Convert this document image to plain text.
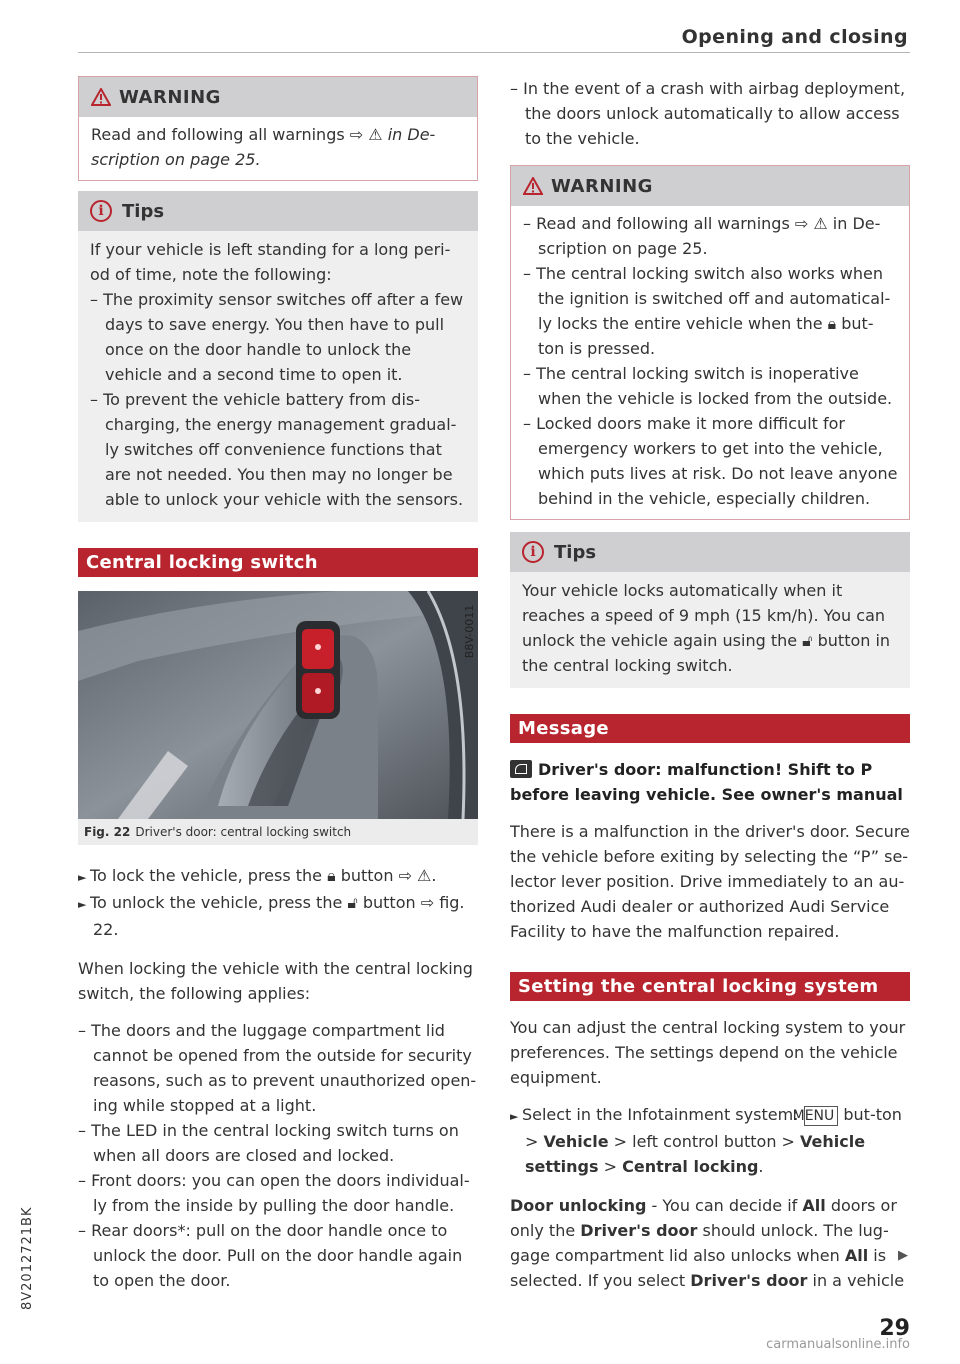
Opening and closing
WARNING
Read and following all warnings ⇨ ⚠ in De-scription on page 25.
i	Tips
If your vehicle is left standing for a long peri-od of time, note the following:
– The proximity sensor switches off after a few days to save energy. You then have to pull once on the door handle to unlock the vehicle and a second time to open it.
– To prevent the vehicle battery from dis-charging, the energy management gradual-ly switches off convenience functions that are not needed. You then may no longer be able to unlock your vehicle with the sensors.
Central locking switch
B8V-0011
Fig. 22 Driver's door: central locking switch
► To lock the vehicle, press the 🔒︎ button ⇨ ⚠.
► To unlock the vehicle, press the 🔓︎ button ⇨ fig. 22.
When locking the vehicle with the central locking switch, the following applies:
– The doors and the luggage compartment lid cannot be opened from the outside for security reasons, such as to prevent unauthorized open-ing while stopped at a light.
– The LED in the central locking switch turns on when all doors are closed and locked.
– Front doors: you can open the doors individual-ly from the inside by pulling the door handle.
– Rear doors*: pull on the door handle once to unlock the door. Pull on the door handle again to open the door.
– In the event of a crash with airbag deployment, the doors unlock automatically to allow access to the vehicle.
WARNING
– Read and following all warnings ⇨ ⚠ in De-scription on page 25.
– The central locking switch also works when the ignition is switched off and automatical-ly locks the entire vehicle when the 🔒︎ but-ton is pressed.
– The central locking switch is inoperative when the vehicle is locked from the outside.
– Locked doors make it more difficult for emergency workers to get into the vehicle, which puts lives at risk. Do not leave anyone behind in the vehicle, especially children.
i	Tips
Your vehicle locks automatically when it reaches a speed of 9 mph (15 km/h). You can unlock the vehicle again using the 🔓︎ button in the central locking switch.
Message
Driver's door: malfunction! Shift to P before leaving vehicle. See owner's manual
There is a malfunction in the driver's door. Secure the vehicle before exiting by selecting the “P” se-lector lever position. Drive immediately to an au-thorized Audi dealer or authorized Audi Service Facility to have the malfunction repaired.
Setting the central locking system
You can adjust the central locking system to your preferences. The settings depend on the vehicle equipment.
► Select in the Infotainment system: MENU but-ton > Vehicle > left control button > Vehicle settings > Central locking.
Door unlocking - You can decide if All doors or only the Driver's door should unlock. The lug-gage compartment lid also unlocks when All is selected. If you select Driver's door in a vehicle
▶
8V2012721BK
29
carmanualsonline.info
